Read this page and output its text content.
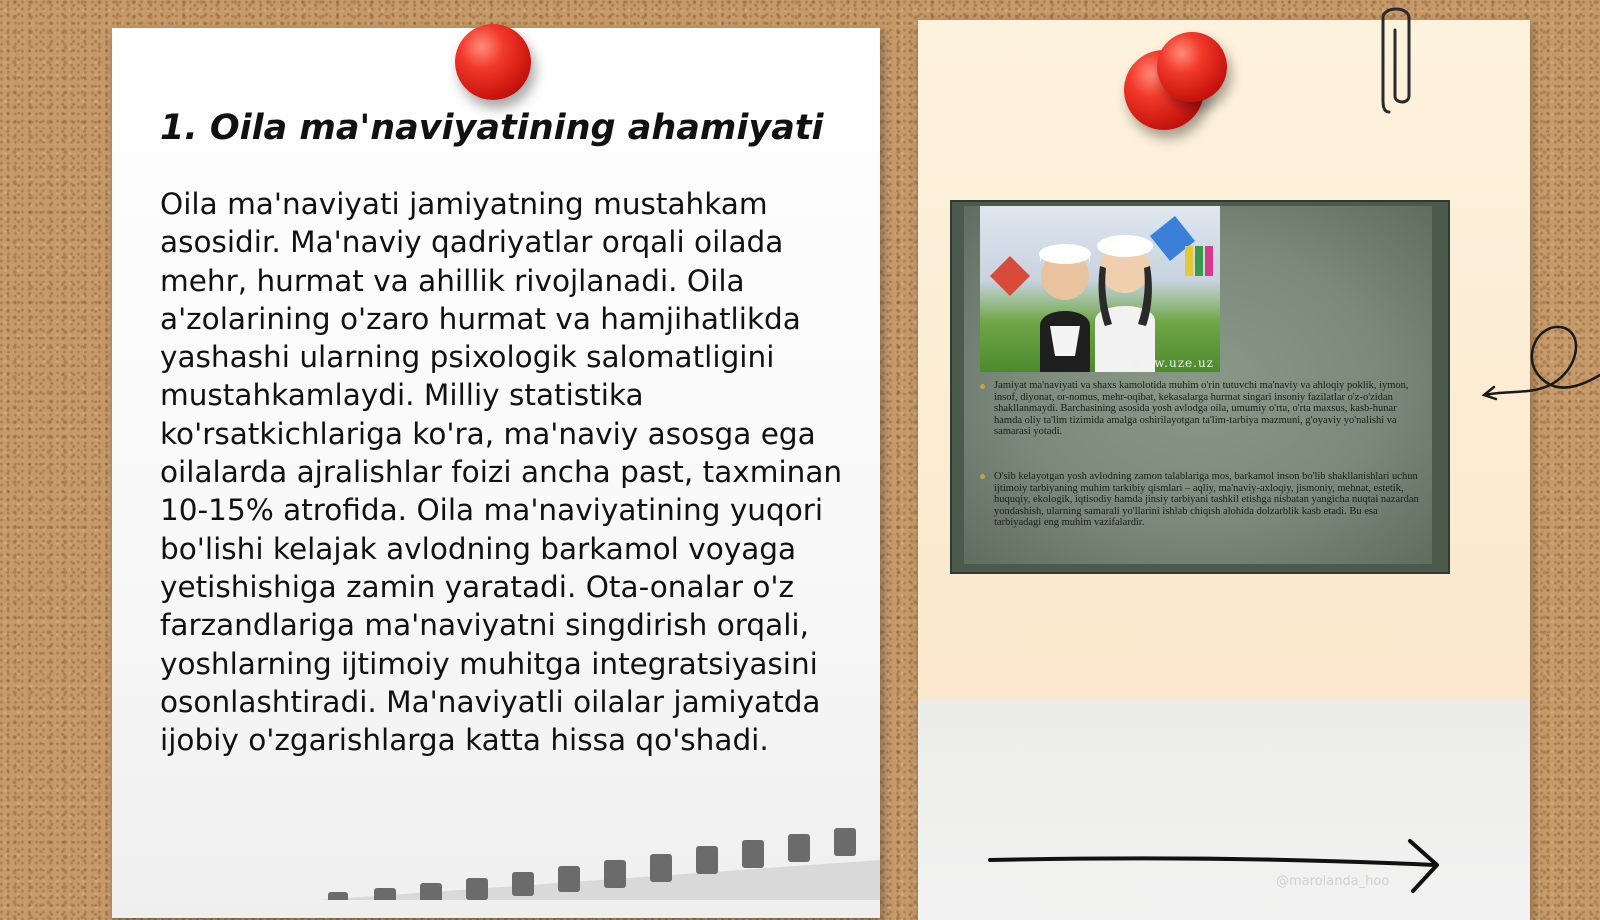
1. Oila ma'naviyatining ahamiyati

Oila ma'naviyati jamiyatning mustahkam asosidir. Ma'naviy qadriyatlar orqali oilada mehr, hurmat va ahillik rivojlanadi. Oila a'zolarining o'zaro hurmat va hamjihatlikda yashashi ularning psixologik salomatligini mustahkamlaydi. Milliy statistika ko'rsatkichlariga ko'ra, ma'naviy asosga ega oilalarda ajralishlar foizi ancha past, taxminan 10-15% atrofida. Oila ma'naviyatining yuqori bo'lishi kelajak avlodning barkamol voyaga yetishishiga zamin yaratadi. Ota-onalar o'z farzandlariga ma'naviyatni singdirish orqali, yoshlarning ijtimoiy muhitga integratsiyasini osonlashtiradi. Ma'naviyatli oilalar jamiyatda ijobiy o'zgarishlarga katta hissa qo'shadi.

www.uze.uz

Jamiyat ma'naviyati va shaxs kamolotida muhim o'rin tutuvchi ma'naviy va ahloqiy poklik, iymon, insof, diyonat, or-nomus, mehr-oqibat, kekasalarga hurmat singari insoniy fazilatlar o'z-o'zidan shakllanmaydi. Barchasining asosida yosh avlodga oila, umumiy o'rta, o'rta maxsus, kasb-hunar hamda oliy ta'lim tizimida amalga oshirilayotgan ta'lim-tarbiya mazmuni, g'oyaviy yo'nalishi va samarasi yotadi.

O'sib kelayotgan yosh avlodning zamon talablariga mos, barkamol inson bo'lib shakllanishlari uchun ijtimoiy tarbiyaning muhim tarkibiy qismlari – aqliy, ma'naviy-axloqiy, jismoniy, mehnat, estetik, huquqiy, ekologik, iqtisodiy hamda jinsiy tarbiyani tashkil etishga nisbatan yangicha nuqtai nazardan yondashish, ularning samarali yo'llarini ishlab chiqish alohida dolzarblik kasb etadi. Bu esa tarbiyadagi eng muhim vazifalardir.

@marolanda_hoo
